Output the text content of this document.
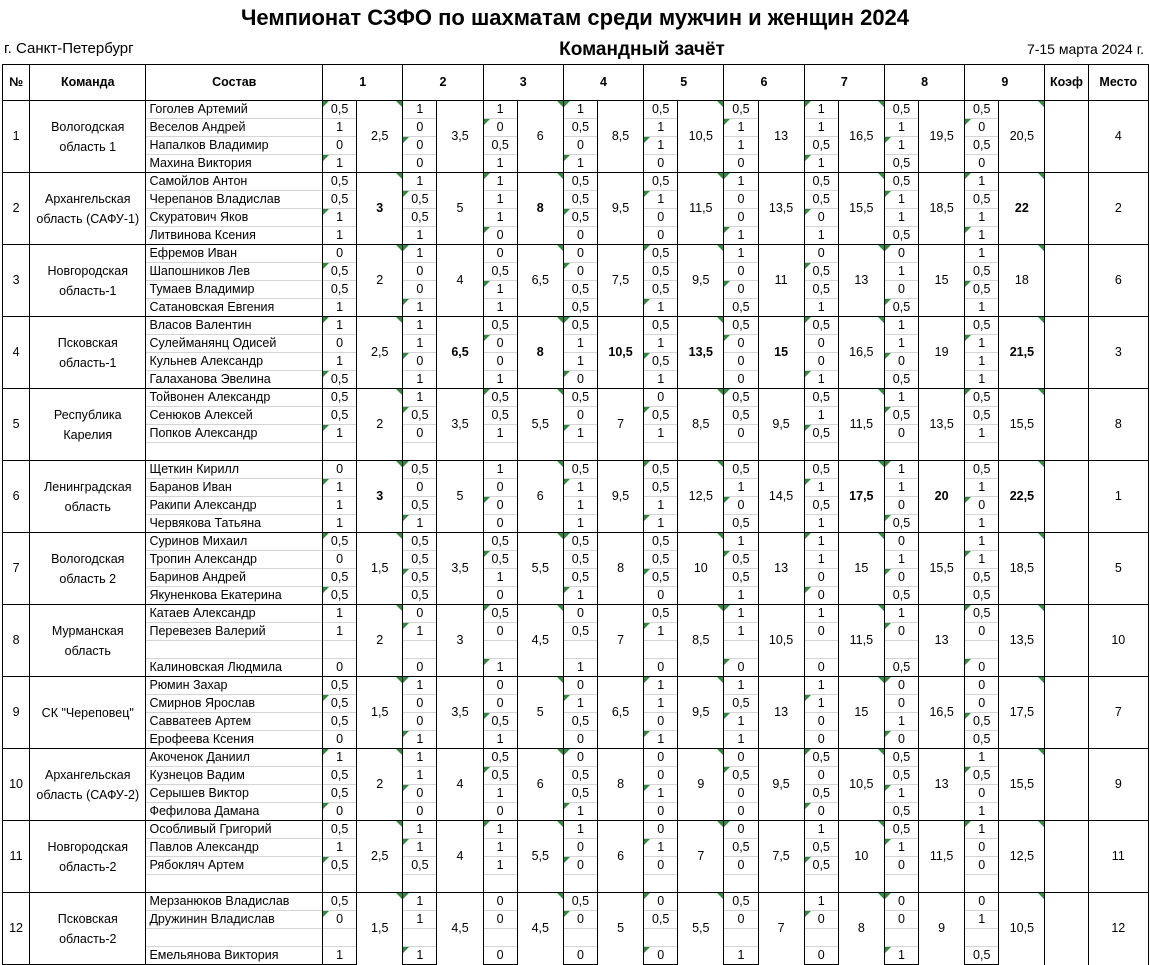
Чемпионат СЗФО по шахматам среди мужчин и женщин 2024
г. Санкт-Петербург	Командный зачёт	7-15 марта 2024 г.
№	Команда	Состав	1		2		3		4		5		6		7		8		9		Коэф	Место
1	Вологодская область 1	Гоголев Артемий	0,5	2,5	1	3,5	1	6	1	8,5	0,5	10,5	0,5	13	1	16,5	0,5	19,5	0,5	20,5		4
		Веселов Андрей	1		0		0		0,5		1		1		1		1		0			
		Напалков Владимир	0		0		0,5		0		1		1		0,5		1		0,5			
		Махина Виктория	1		0		1		1		0		0		1		0,5		0			
2	Архангельская область (САФУ-1)	Самойлов Антон	0,5	3	1	5	1	8	0,5	9,5	0,5	11,5	1	13,5	0,5	15,5	0,5	18,5	1	22		2
		Черепанов Владислав	0,5		0,5		1		0,5		1		0		0,5		1		0,5			
		Скуратович Яков	1		0,5		1		0,5		0		0		0		1		1			
		Литвинова Ксения	1		1		0		0		0		1		1		0,5		1			
3	Новгородская область-1	Ефремов Иван	0	2	1	4	0	6,5	0	7,5	0,5	9,5	1	11	0	13	0	15	1	18		6
		Шапошников Лев	0,5		0		0,5		0		0,5		0		0,5		1		0,5			
		Тумаев Владимир	0,5		0		1		0,5		0,5		0		0,5		0		0,5			
		Сатановская Евгения	1		1		1		0,5		1		0,5		1		0,5		1			
4	Псковская область-1	Власов Валентин	1	2,5	1	6,5	0,5	8	0,5	10,5	0,5	13,5	0,5	15	0,5	16,5	1	19	0,5	21,5		3
		Сулейманянц Одисей	0		1		0		1		1		0		0		1		1			
		Кульнев Александр	1		0		0		1		0,5		0		0		0		1			
		Галаханова Эвелина	0,5		1		1		0		1		0		1		0,5		1			
5	Республика Карелия	Тойвонен Александр	0,5	2	1	3,5	0,5	5,5	0,5	7	0	8,5	0,5	9,5	0,5	11,5	1	13,5	0,5	15,5		8
		Сенюков Алексей	0,5		0,5		0,5		0		0,5		0,5		1		0,5		0,5			
		Попков Александр	1		0		1		1		1		0		0,5		0		1			

6	Ленинградская область	Щеткин Кирилл	0	3	0,5	5	1	6	0,5	9,5	0,5	12,5	0,5	14,5	0,5	17,5	1	20	0,5	22,5		1
		Баранов Иван	1		0		0		1		0,5		1		1		1		1			
		Ракипи Александр	1		0,5		0		1		1		0		0,5		0		0			
		Червякова Татьяна	1		1		0		1		1		0,5		1		0,5		1			
7	Вологодская область 2	Суринов Михаил	0,5	1,5	0,5	3,5	0,5	5,5	0,5	8	0,5	10	1	13	1	15	0	15,5	1	18,5		5
		Тропин Александр	0		0,5		0,5		0,5		0,5		0,5		1		1		1			
		Баринов Андрей	0,5		0,5		1		0,5		0,5		0,5		0		0		0,5			
		Якуненкова Екатерина	0,5		0,5		0		1		0		1		0		0,5		0,5			
8	Мурманская область	Катаев Александр	1	2	0	3	0,5	4,5	0	7	0,5	8,5	1	10,5	1	11,5	1	13	0,5	13,5		10
		Перевезев Валерий	1		1		0		0,5		1		1		0		0		0			

		Калиновская Людмила	0		0		1		1		0		0		0		0,5		0			
9	СК "Череповец"	Рюмин Захар	0,5	1,5	1	3,5	0	5	0	6,5	1	9,5	1	13	1	15	0	16,5	0	17,5		7
		Смирнов Ярослав	0,5		0		0		1		1		0,5		1		0		0			
		Савватеев Артем	0,5		0		0,5		0,5		0		1		0		1		0,5			
		Ерофеева Ксения	0		1		1		0		1		1		0		0		0,5			
10	Архангельская область (САФУ-2)	Акоченок Даниил	1	2	1	4	0,5	6	0	8	0	9	0	9,5	0,5	10,5	0,5	13	1	15,5		9
		Кузнецов Вадим	0,5		1		0,5		0,5		0		0,5		0		0,5		0,5			
		Серышев Виктор	0,5		0		1		0,5		1		0		0,5		1		0			
		Фефилова Дамана	0		0		0		1		0		0		0		0,5		1			
11	Новгородская область-2	Особливый Григорий	0,5	2,5	1	4	1	5,5	1	6	0	7	0	7,5	1	10	0,5	11,5	1	12,5		11
		Павлов Александр	1		1		1		0		1		0,5		0,5		1		0			
		Рябокляч Артем	0,5		0,5		1		0		0		0		0,5		0		0			

12	Псковская область-2	Мерзанюков Владислав	0,5	1,5	1	4,5	0	4,5	0,5	5	0	5,5	0,5	7	1	8	0	9	0	10,5		12
		Дружинин Владислав	0		1		0		0		0,5		0		0		0		1			

		Емельянова Виктория	1		1		0		0		0		1		0		1		0,5			
